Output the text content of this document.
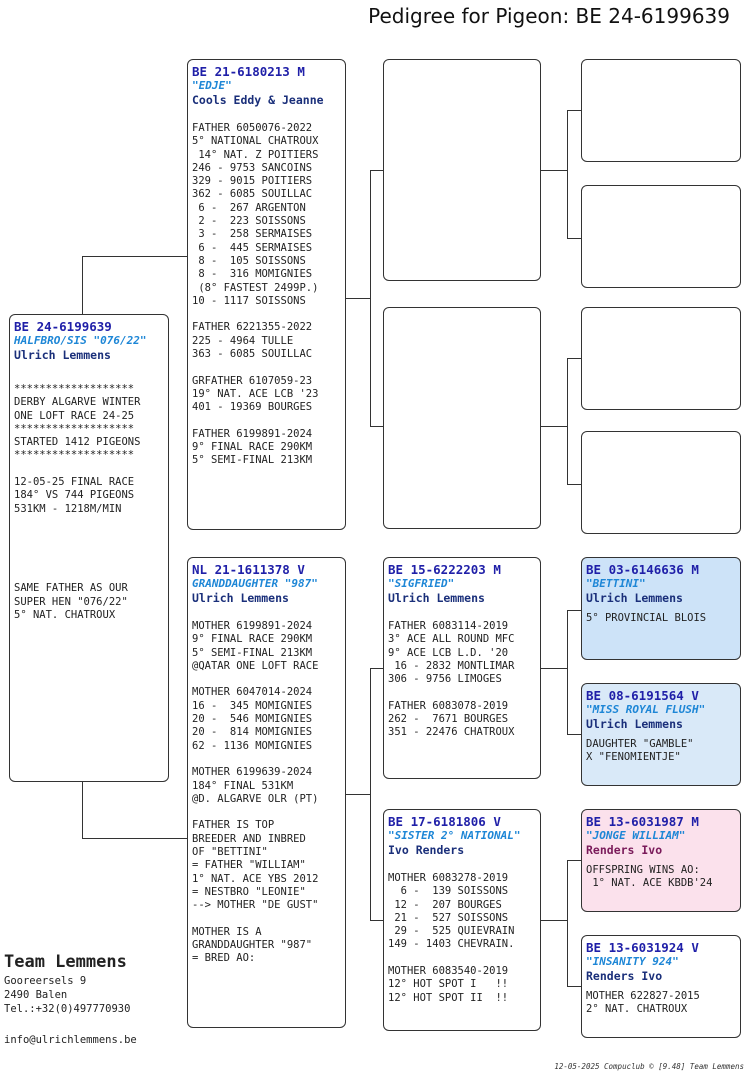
Pedigree for Pigeon: BE 24-6199639
BE 24-6199639
HALFBRO/SIS "076/22"
Ulrich Lemmens
*******************
DERBY ALGARVE WINTER
ONE LOFT RACE 24-25
*******************
STARTED 1412 PIGEONS
*******************

12-05-25 FINAL RACE
184° VS 744 PIGEONS
531KM - 1218M/MIN

SAME FATHER AS OUR
SUPER HEN "076/22"
5° NAT. CHATROUX
BE 21-6180213 M
"EDJE"
Cools Eddy & Jeanne
FATHER 6050076-2022
5° NATIONAL CHATROUX
14° NAT. Z POITIERS
246 - 9753 SANCOINS
329 - 9015 POITIERS
362 - 6085 SOUILLAC
6 -  267 ARGENTON
2 -  223 SOISSONS
3 -  258 SERMAISES
6 -  445 SERMAISES
8 -  105 SOISSONS
8 -  316 MOMIGNIES
(8° FASTEST 2499P.)
10 - 1117 SOISSONS

FATHER 6221355-2022
225 - 4964 TULLE
363 - 6085 SOUILLAC

GRFATHER 6107059-23
19° NAT. ACE LCB '23
401 - 19369 BOURGES

FATHER 6199891-2024
9° FINAL RACE 290KM
5° SEMI-FINAL 213KM
NL 21-1611378 V
GRANDDAUGHTER "987"
Ulrich Lemmens
MOTHER 6199891-2024
9° FINAL RACE 290KM
5° SEMI-FINAL 213KM
@QATAR ONE LOFT RACE

MOTHER 6047014-2024
16 -  345 MOMIGNIES
20 -  546 MOMIGNIES
20 -  814 MOMIGNIES
62 - 1136 MOMIGNIES

MOTHER 6199639-2024
184° FINAL 531KM
@D. ALGARVE OLR (PT)

FATHER IS TOP
BREEDER AND INBRED
OF "BETTINI"
= FATHER "WILLIAM"
1° NAT. ACE YBS 2012
= NESTBRO "LEONIE"
--> MOTHER "DE GUST"

MOTHER IS A
GRANDDAUGHTER "987"
= BRED AO:
BE 15-6222203 M
"SIGFRIED"
Ulrich Lemmens
FATHER 6083114-2019
3° ACE ALL ROUND MFC
9° ACE LCB L.D. '20
16 - 2832 MONTLIMAR
306 - 9756 LIMOGES

FATHER 6083078-2019
262 -  7671 BOURGES
351 - 22476 CHATROUX
BE 17-6181806 V
"SISTER 2° NATIONAL"
Ivo Renders
MOTHER 6083278-2019
6 -  139 SOISSONS
12 -  207 BOURGES
21 -  527 SOISSONS
29 -  525 QUIEVRAIN
149 - 1403 CHEVRAIN.

MOTHER 6083540-2019
12° HOT SPOT I   !!
12° HOT SPOT II  !!
BE 03-6146636 M
"BETTINI"
Ulrich Lemmens
5° PROVINCIAL BLOIS
BE 08-6191564 V
"MISS ROYAL FLUSH"
Ulrich Lemmens
DAUGHTER "GAMBLE"
X "FENOMIENTJE"
BE 13-6031987 M
"JONGE WILLIAM"
Renders Ivo
OFFSPRING WINS AO:
1° NAT. ACE KBDB'24
BE 13-6031924 V
"INSANITY 924"
Renders Ivo
MOTHER 622827-2015
2° NAT. CHATROUX
Team Lemmens
Gooreersels 9
2490 Balen
Tel.:+32(0)497770930
info@ulrichlemmens.be
12-05-2025 Compuclub © [9.48] Team Lemmens
